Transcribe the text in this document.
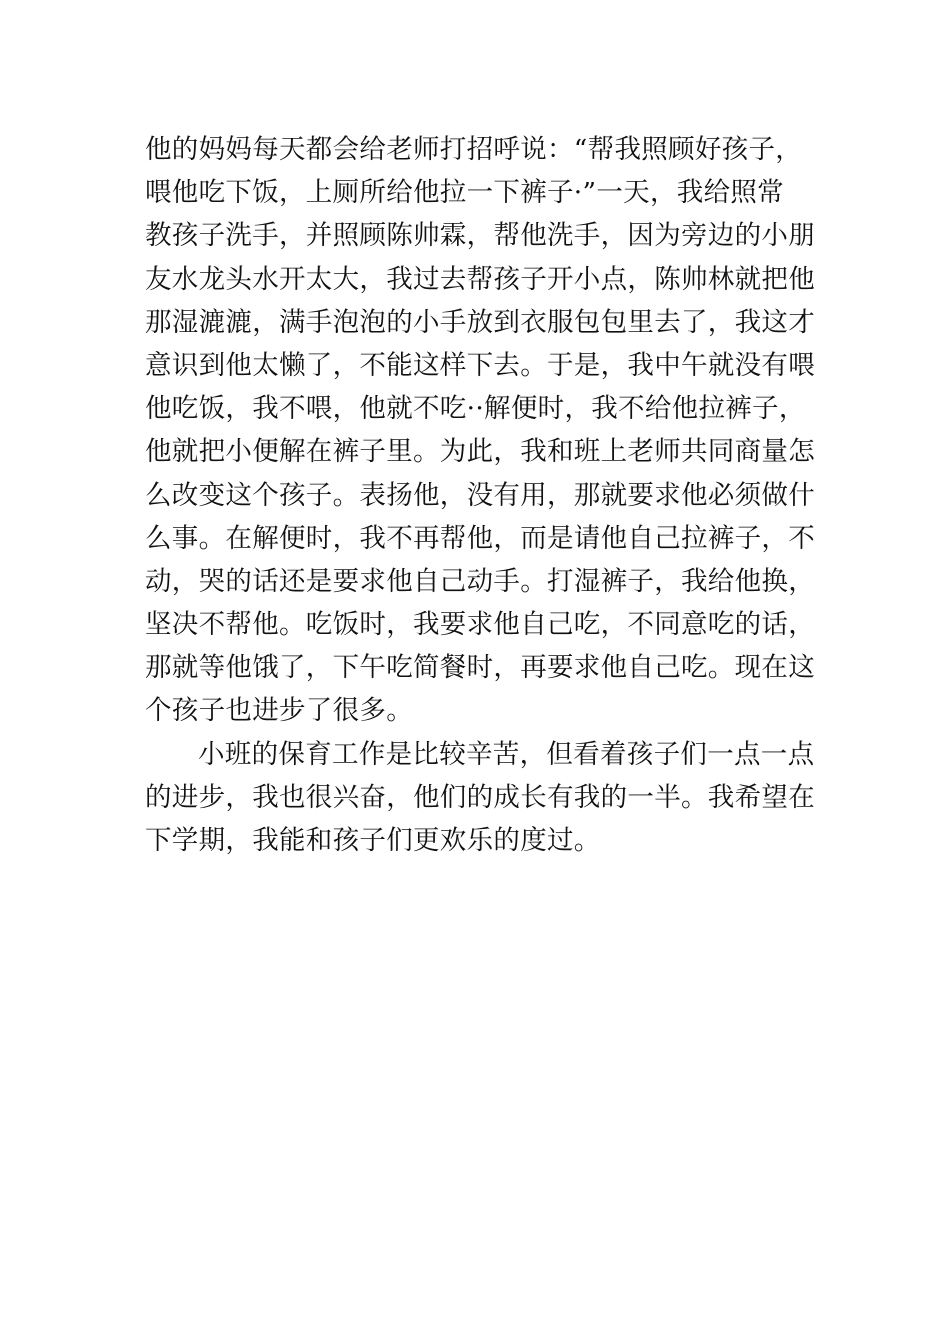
他的妈妈每天都会给老师打招呼说：“帮我照顾好孩子，
喂他吃下饭，上厕所给他拉一下裤子·”一天，我给照常
教孩子洗手，并照顾陈帅霖，帮他洗手，因为旁边的小朋
友水龙头水开太大，我过去帮孩子开小点，陈帅林就把他
那湿漉漉，满手泡泡的小手放到衣服包包里去了，我这才
意识到他太懒了，不能这样下去。于是，我中午就没有喂
他吃饭，我不喂，他就不吃··解便时，我不给他拉裤子，
他就把小便解在裤子里。为此，我和班上老师共同商量怎
么改变这个孩子。表扬他，没有用，那就要求他必须做什
么事。在解便时，我不再帮他，而是请他自己拉裤子，不
动，哭的话还是要求他自己动手。打湿裤子，我给他换，
坚决不帮他。吃饭时，我要求他自己吃，不同意吃的话，
那就等他饿了，下午吃简餐时，再要求他自己吃。现在这
个孩子也进步了很多。
小班的保育工作是比较辛苦，但看着孩子们一点一点
的进步，我也很兴奋，他们的成长有我的一半。我希望在
下学期，我能和孩子们更欢乐的度过。
